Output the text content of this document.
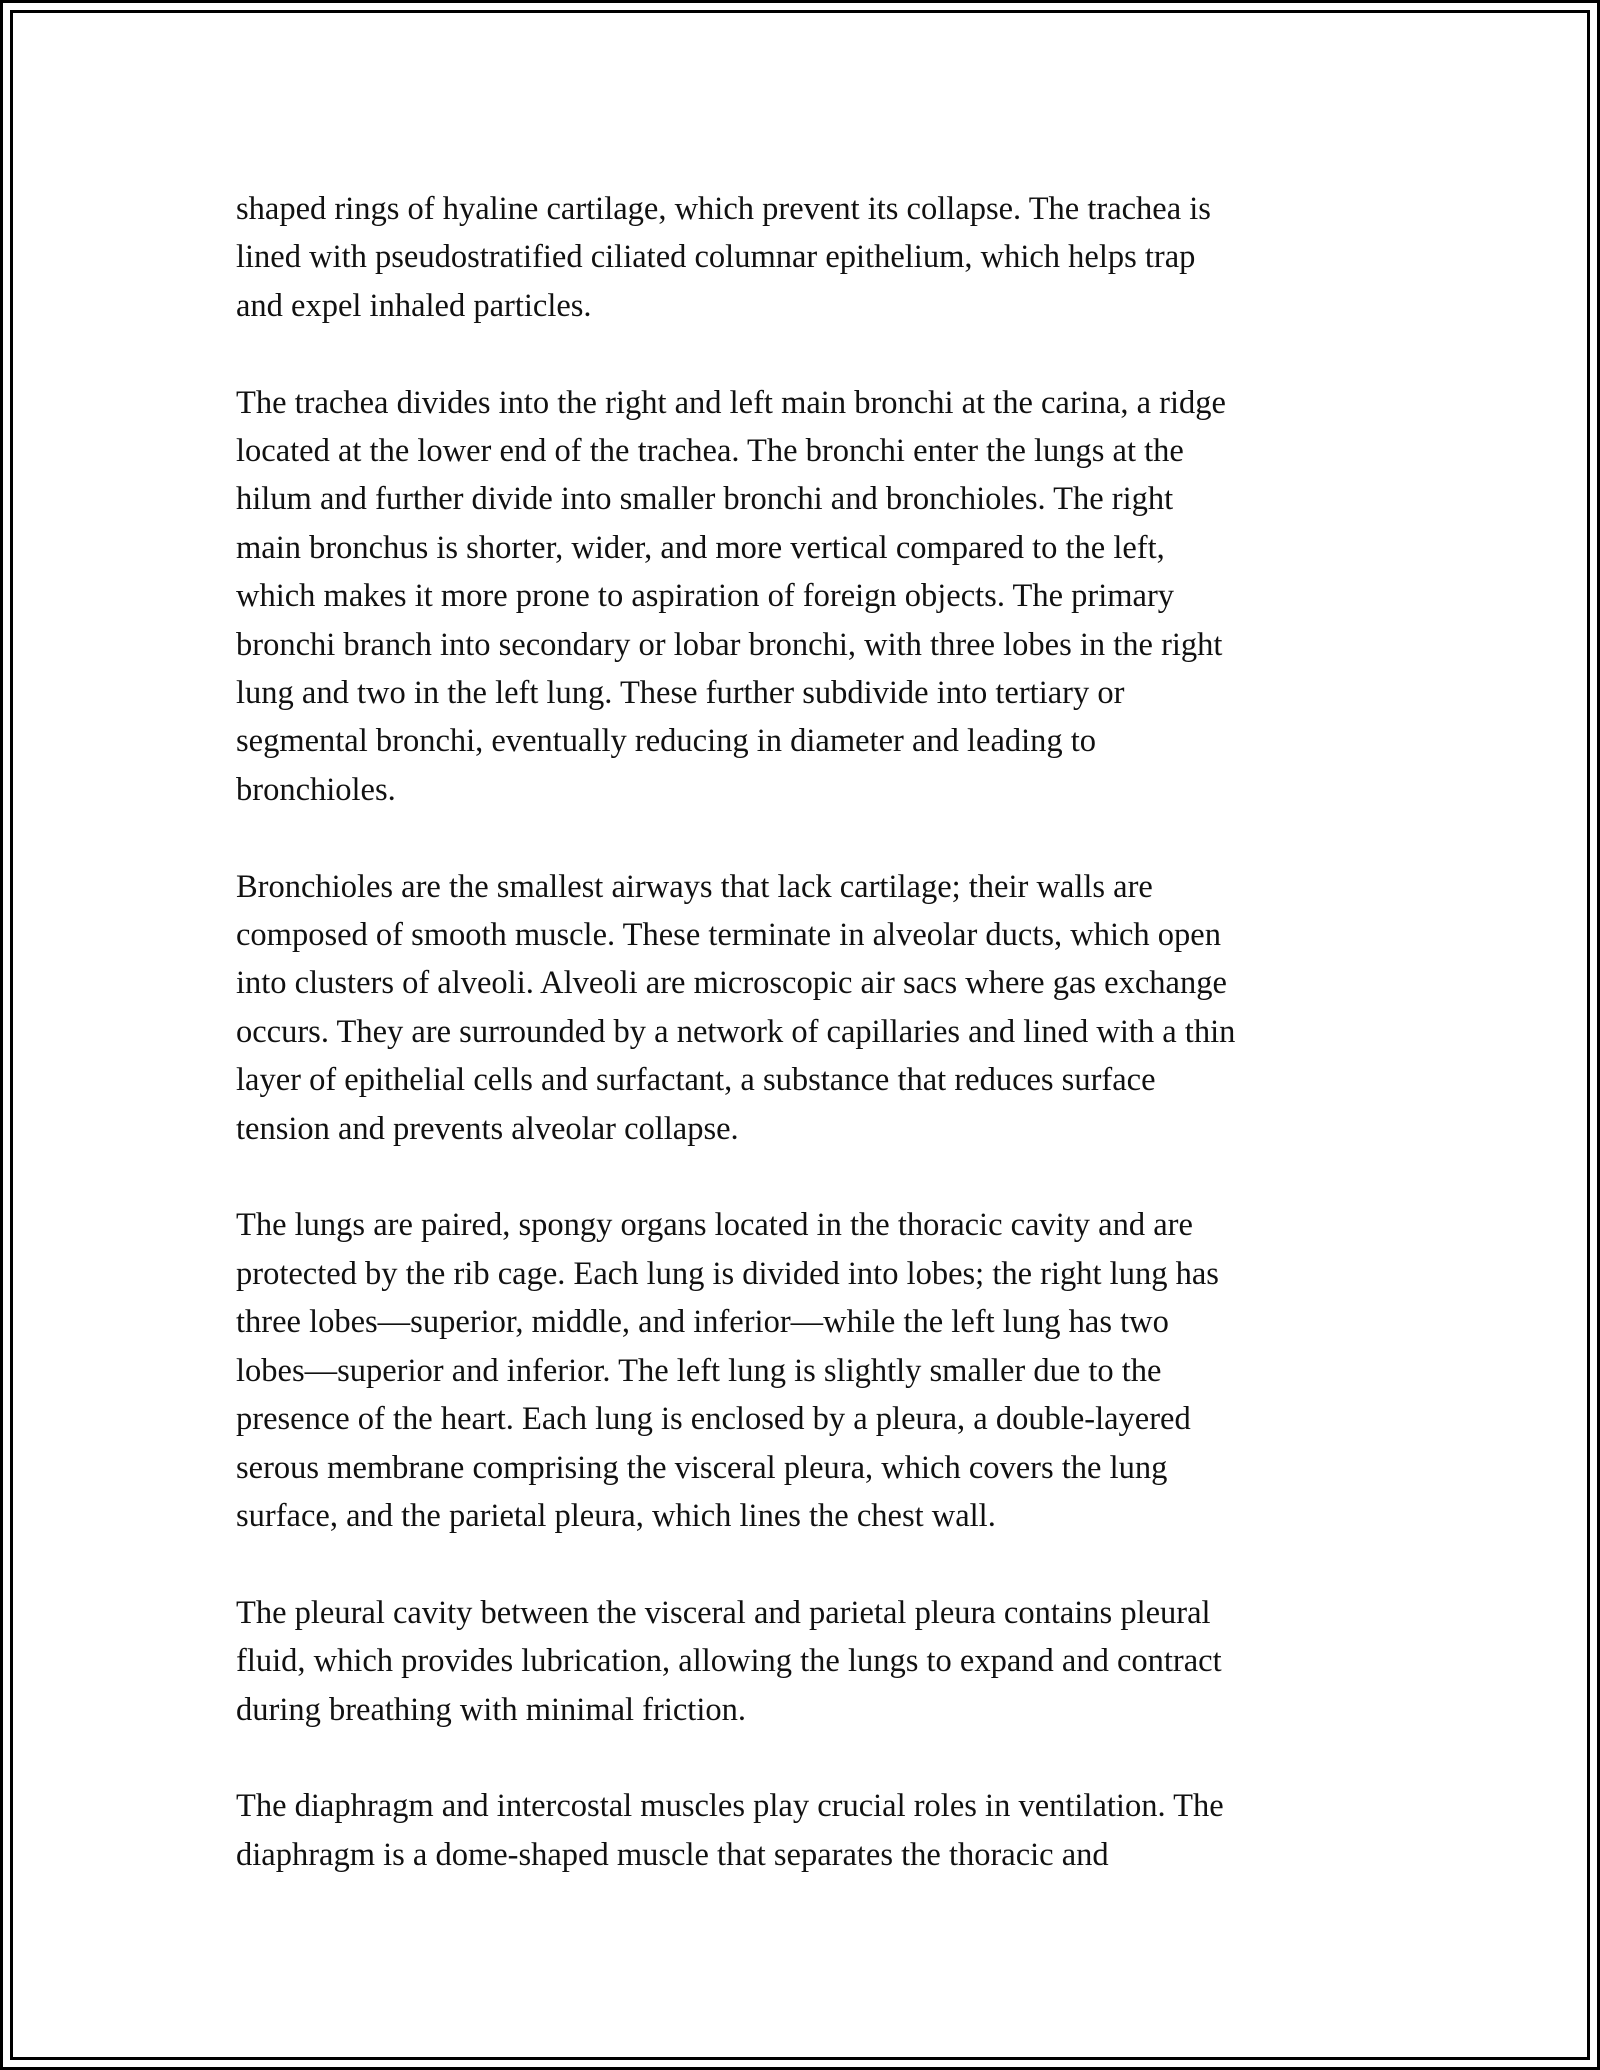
shaped rings of hyaline cartilage, which prevent its collapse. The trachea is
lined with pseudostratified ciliated columnar epithelium, which helps trap
and expel inhaled particles.

The trachea divides into the right and left main bronchi at the carina, a ridge
located at the lower end of the trachea. The bronchi enter the lungs at the
hilum and further divide into smaller bronchi and bronchioles. The right
main bronchus is shorter, wider, and more vertical compared to the left,
which makes it more prone to aspiration of foreign objects. The primary
bronchi branch into secondary or lobar bronchi, with three lobes in the right
lung and two in the left lung. These further subdivide into tertiary or
segmental bronchi, eventually reducing in diameter and leading to
bronchioles.

Bronchioles are the smallest airways that lack cartilage; their walls are
composed of smooth muscle. These terminate in alveolar ducts, which open
into clusters of alveoli. Alveoli are microscopic air sacs where gas exchange
occurs. They are surrounded by a network of capillaries and lined with a thin
layer of epithelial cells and surfactant, a substance that reduces surface
tension and prevents alveolar collapse.

The lungs are paired, spongy organs located in the thoracic cavity and are
protected by the rib cage. Each lung is divided into lobes; the right lung has
three lobes—superior, middle, and inferior—while the left lung has two
lobes—superior and inferior. The left lung is slightly smaller due to the
presence of the heart. Each lung is enclosed by a pleura, a double-layered
serous membrane comprising the visceral pleura, which covers the lung
surface, and the parietal pleura, which lines the chest wall.

The pleural cavity between the visceral and parietal pleura contains pleural
fluid, which provides lubrication, allowing the lungs to expand and contract
during breathing with minimal friction.

The diaphragm and intercostal muscles play crucial roles in ventilation. The
diaphragm is a dome-shaped muscle that separates the thoracic and
